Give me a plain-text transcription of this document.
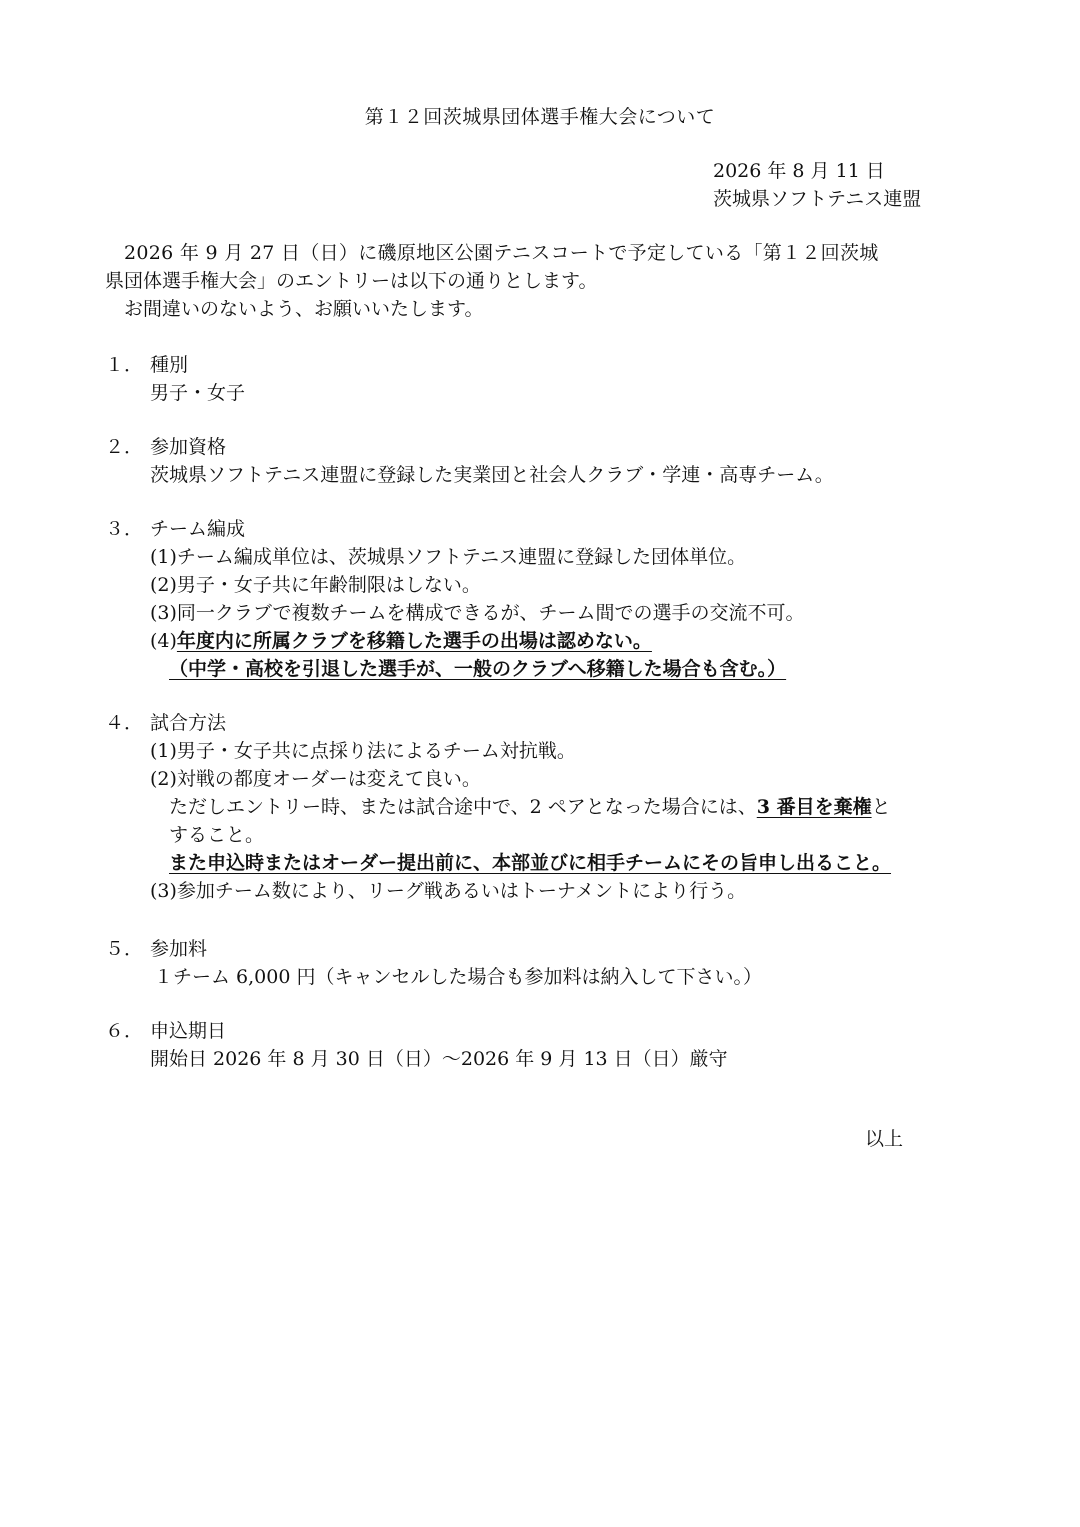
第１２回茨城県団体選手権大会について
2026 年 8 月 11 日
茨城県ソフトテニス連盟
2026 年 9 月 27 日（日）に磯原地区公園テニスコートで予定している「第１２回茨城
県団体選手権大会」のエントリーは以下の通りとします。
お間違いのないよう、お願いいたします。
１． 種別
男子・女子
２． 参加資格
茨城県ソフトテニス連盟に登録した実業団と社会人クラブ・学連・高専チーム。
３． チーム編成
(1)チーム編成単位は、茨城県ソフトテニス連盟に登録した団体単位。
(2)男子・女子共に年齢制限はしない。
(3)同一クラブで複数チームを構成できるが、チーム間での選手の交流不可。
(4)年度内に所属クラブを移籍した選手の出場は認めない。
（中学・高校を引退した選手が、一般のクラブへ移籍した場合も含む。）
４． 試合方法
(1)男子・女子共に点採り法によるチーム対抗戦。
(2)対戦の都度オーダーは変えて良い。
ただしエントリー時、または試合途中で、2 ペアとなった場合には、3 番目を棄権と
すること。
また申込時またはオーダー提出前に、本部並びに相手チームにその旨申し出ること。
(3)参加チーム数により、リーグ戦あるいはトーナメントにより行う。
５． 参加料
１チーム 6,000 円（キャンセルした場合も参加料は納入して下さい。）
６． 申込期日
開始日 2026 年 8 月 30 日（日）～2026 年 9 月 13 日（日）厳守
以上
